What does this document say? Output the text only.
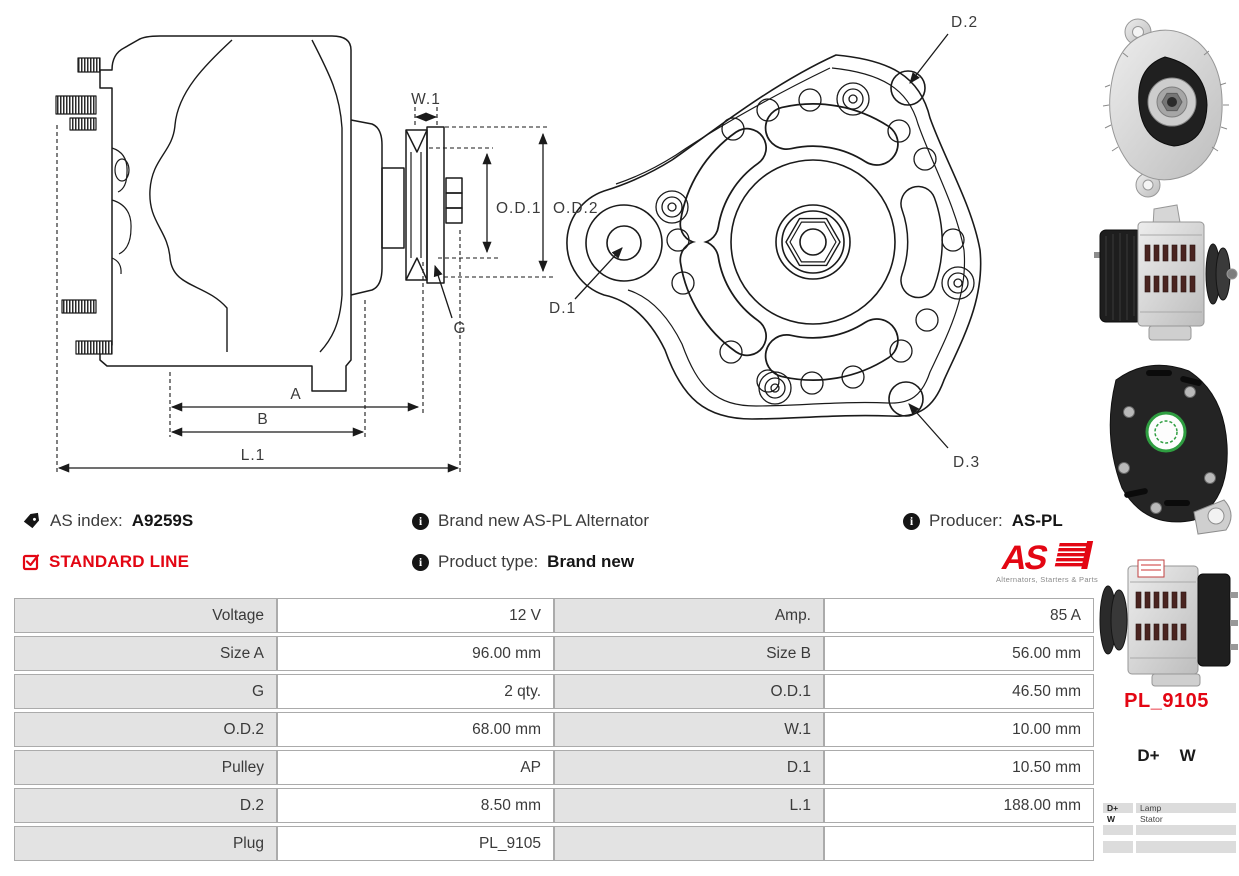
W.1
O.D.1 O.D.2
G
A
B
L.1
D.1
D.2
D.3
AS index: A9259S	i Brand new AS-PL Alternator	i Producer: AS-PL
STANDARD LINE	i Product type: Brand new	AS
Alternators, Starters & Parts
Voltage	12 V	Amp.	85 A
Size A	96.00 mm	Size B	56.00 mm
G	2 qty.	O.D.1	46.50 mm
O.D.2	68.00 mm	W.1	10.00 mm
Pulley	AP	D.1	10.50 mm
D.2	8.50 mm	L.1	188.00 mm
Plug	PL_9105
PL_9105
D+ W
D+	Lamp
W	Stator
